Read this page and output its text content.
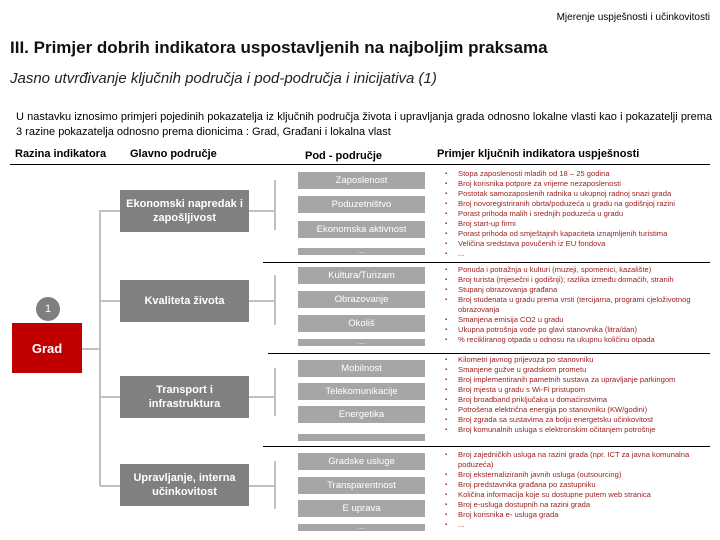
Mjerenje uspješnosti i učinkovitosti
III. Primjer dobrih indikatora uspostavljenih na najboljim praksama
Jasno utvrđivanje ključnih područja i pod-područja i inicijativa (1)
U nastavku iznosimo primjeri pojedinih pokazatelja iz ključnih područja života i upravljanja grada odnosno lokalne vlasti kao i pokazatelji prema 3 razine pokazatelja odnosno prema dionicima : Grad, Građani i lokalna vlast
Razina indikatora Glavno područje	Pod - područje	Primjer ključnih indikatora uspješnosti
1
Grad
Ekonomski napredak i zapošljivost
Kvaliteta života
Transport i infrastruktura
Upravljanje, interna učinkovitost
Zaposlenost
Poduzetništvo
Ekonomska aktivnost
....
Kultura/Turizam
Obrazovanje
Okoliš
....
Mobilnost
Telekomunikacije
Energetika
Gradske usluge
Transparentnost
E uprava
....
▪ Stopa zaposlenosti mladih od 18 – 25 godina
▪ Broj korisnika potpore za vrijeme nezaposlenosti
▪ Postotak samozaposlenih radnika u ukupnoj radnoj snazi grada
▪ Broj novoregistriranih obrta/poduzeća u gradu na godišnjoj razini
▪ Porast prihoda malih i srednjih poduzeća u gradu
▪ Broj start-up firmi
▪ Porast prihoda od smještajnih kapaciteta iznajmljenih turistima
▪ Veličina sredstava povučenih iz EU fondova
▪ ...
▪ Ponuda i potražnja u kulturi (muzeji, spomenici, kazalište)
▪ Broj turista (mjesečni i godišnji); razlika između domaćih, stranih
▪ Stupanj obrazovanja građana
▪ Broj studenata u gradu prema vrsti (tercijarna, programi cjeloživotnog obrazovanja
▪ Smanjena emisija CO2 u gradu
▪ Ukupna potrošnja vode po glavi stanovnika (litra/dan)
▪ % recikliranog otpada u odnosu na ukupnu količinu otpada
▪ Kilometri javnog prijevoza po stanovniku
▪ Smanjene gužve u gradskom prometu
▪ Broj implementiranih pametnih sustava za upravljanje parkingom
▪ Broj mjesta u gradu s Wi-Fi pristupom
▪ Broj broadband priključaka u domaćinstvima
▪ Potrošena električna energija po stanovniku (KW/godini)
▪ Broj zgrada sa sustavima za bolju energetsku učinkovitost
▪ Broj komunalnih usluga s elektronskim očitanjem potrošnje
▪ Broj zajedničkih usluga na razini grada (npr. ICT za javna komunalna poduzeća)
▪ Broj eksternaliziranih javnih usluga (outsourcing)
▪ Broj predstavnika građana po zastupniku
▪ Količina informacija koje su dostupne putem web stranica
▪ Broj e-usluga dostupnih na razini grada
▪ Broj korisnika e- usluga grada
▪ ...
